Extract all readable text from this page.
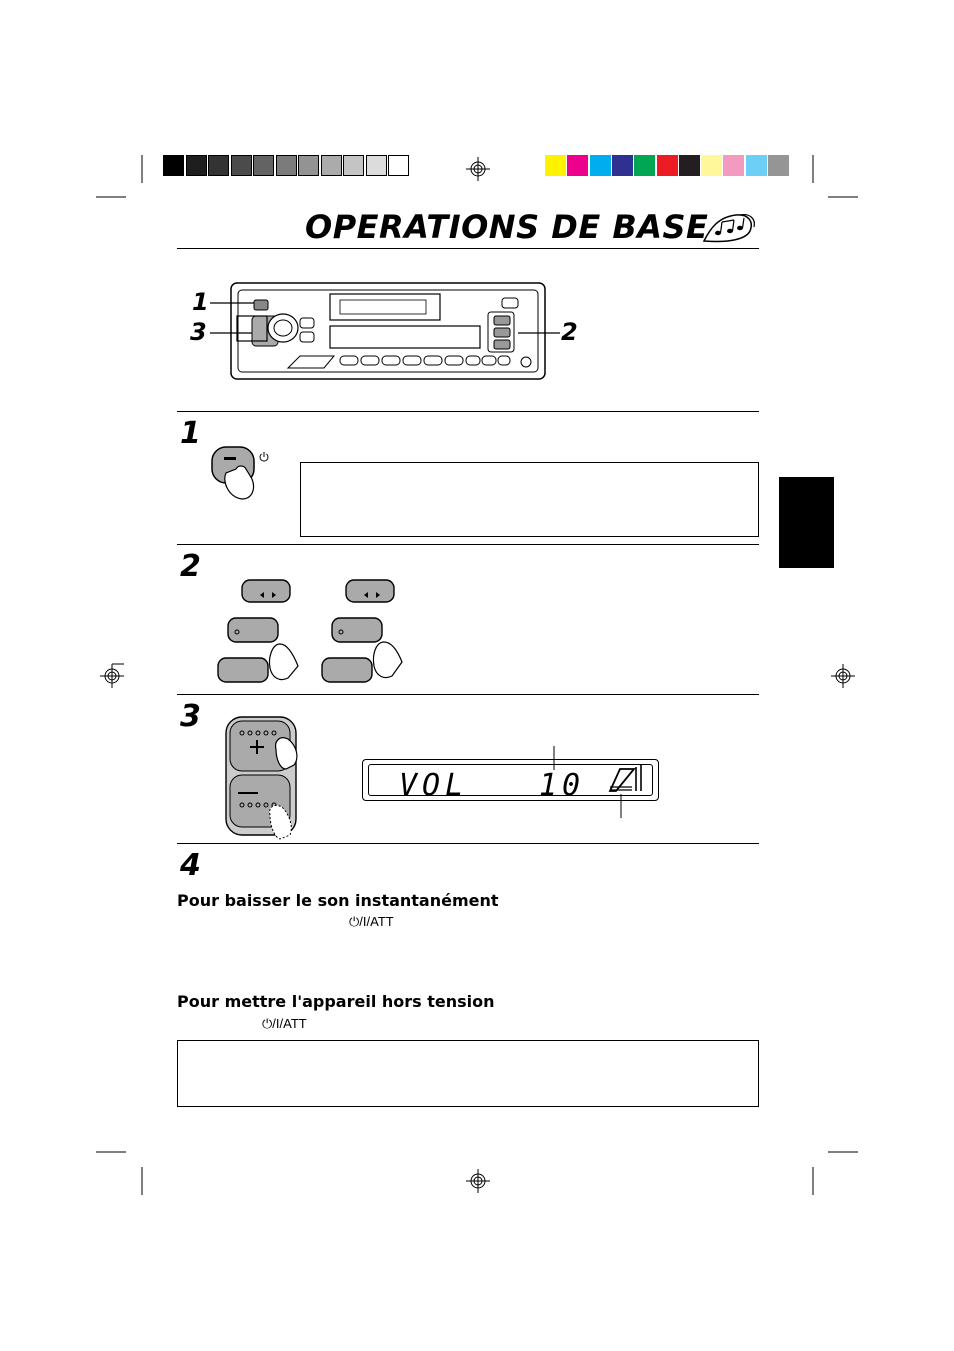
OPERATIONS DE BASE
1
3	2
1
2
3
VOL 10
4
Pour baisser le son instantanément
⏻/I/ATT
Pour mettre l'appareil hors tension
⏻/I/ATT
